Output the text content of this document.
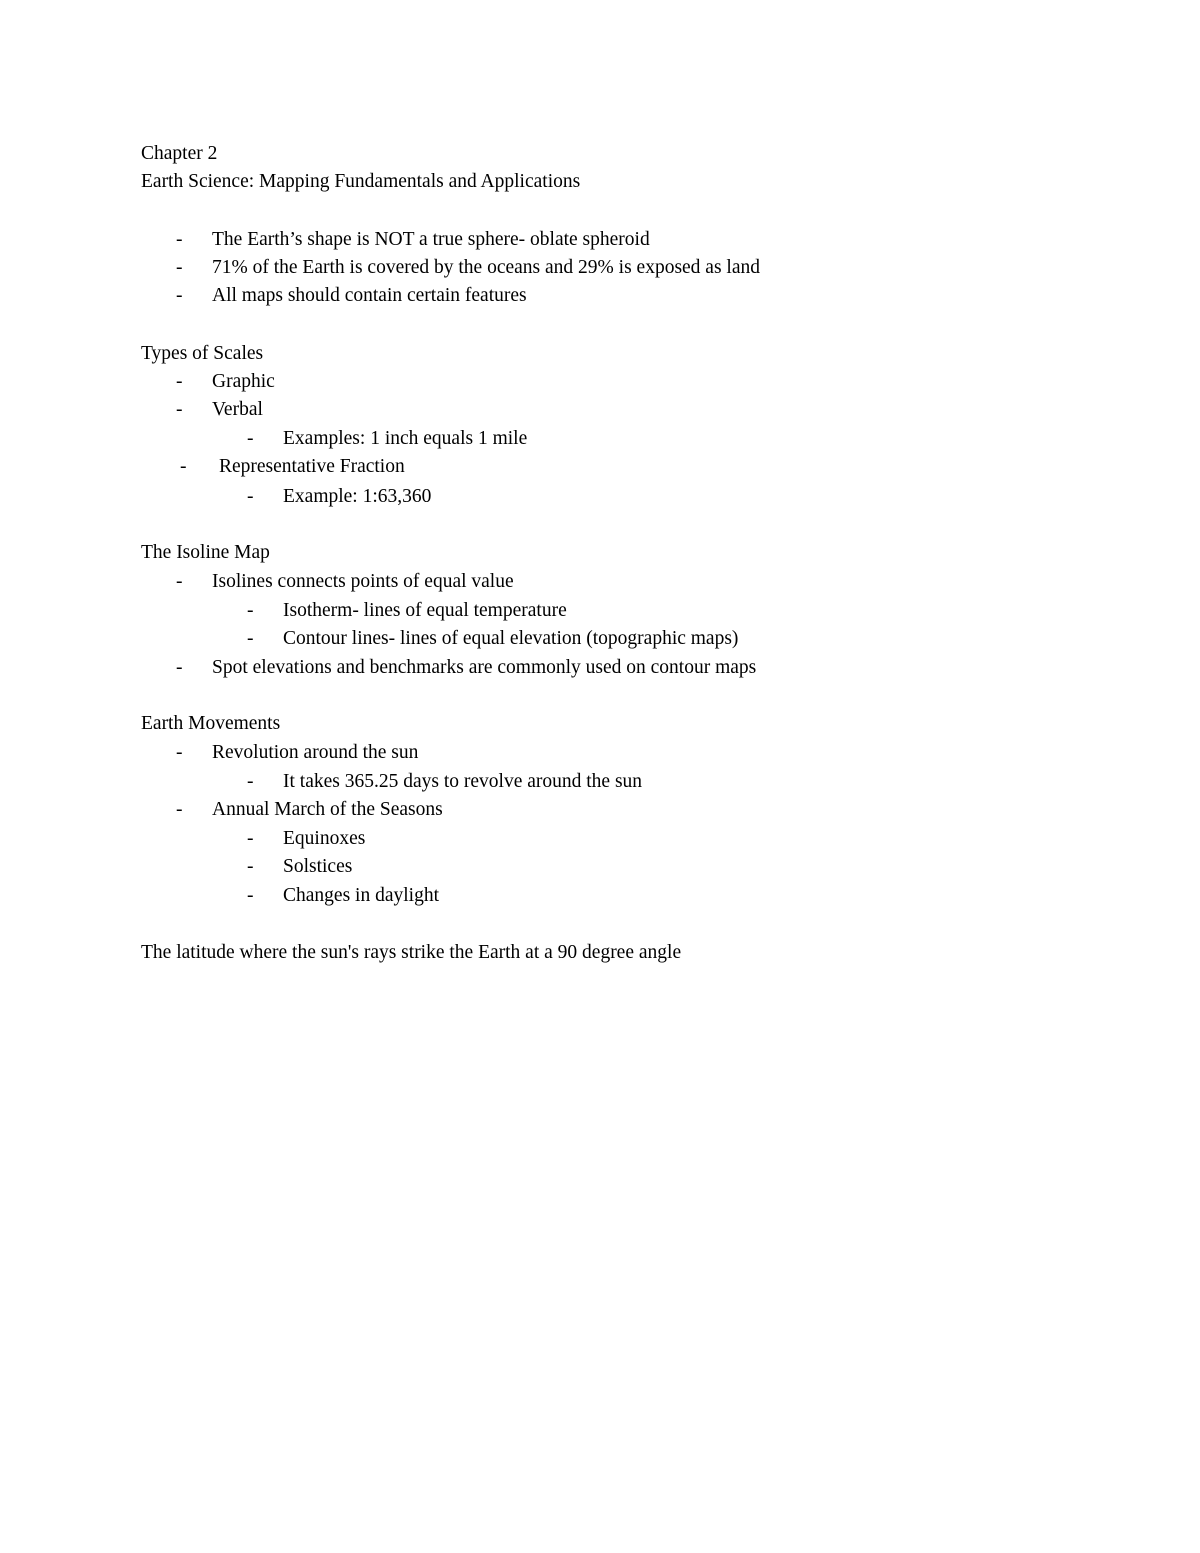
Chapter 2
Earth Science: Mapping Fundamentals and Applications
- The Earth’s shape is NOT a true sphere- oblate spheroid
- 71% of the Earth is covered by the oceans and 29% is exposed as land
- All maps should contain certain features
Types of Scales
- Graphic
- Verbal
- Examples: 1 inch equals 1 mile
- Representative Fraction
- Example: 1:63,360
The Isoline Map
- Isolines connects points of equal value
- Isotherm- lines of equal temperature
- Contour lines- lines of equal elevation (topographic maps)
- Spot elevations and benchmarks are commonly used on contour maps
Earth Movements
- Revolution around the sun
- It takes 365.25 days to revolve around the sun
- Annual March of the Seasons
- Equinoxes
- Solstices
- Changes in daylight
The latitude where the sun's rays strike the Earth at a 90 degree angle
